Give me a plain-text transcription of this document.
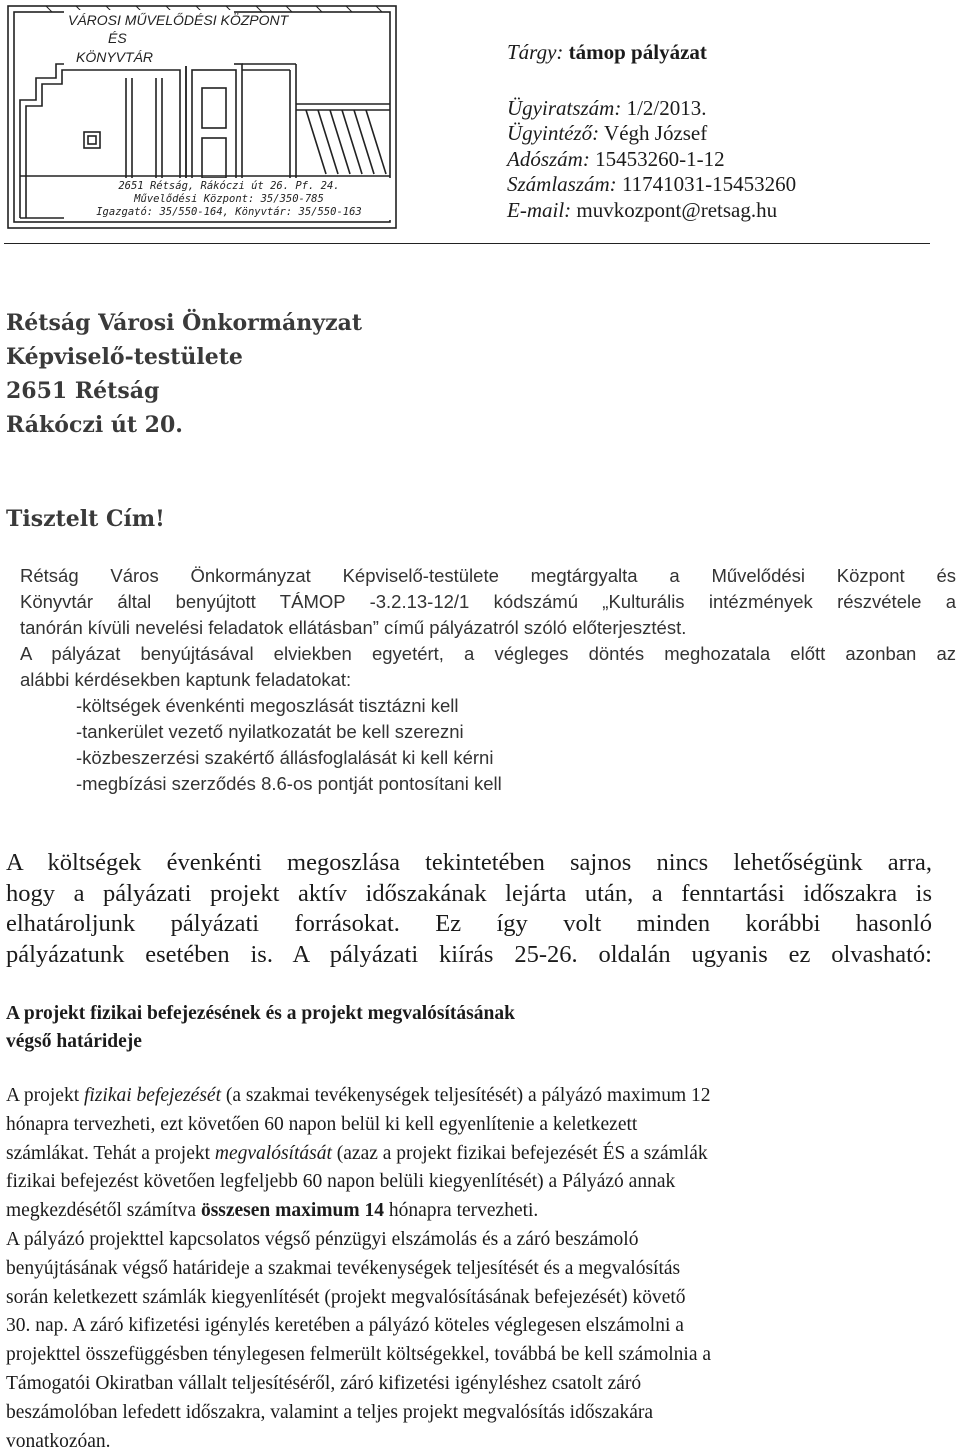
VÁROSI MŰVELŐDÉSI KÖZPONT
ÉS
KÖNYVTÁR
2651 Rétság, Rákóczi út 26. Pf. 24.
Művelődési Központ: 35/350-785
Igazgató: 35/550-164, Könyvtár: 35/550-163
Tárgy: támop pályázat
Ügyiratszám: 1/2/2013.
Ügyintéző: Végh József
Adószám: 15453260-1-12
Számlaszám: 11741031-15453260
E-mail: muvkozpont@retsag.hu
Rétság Városi Önkormányzat
Képviselő-testülete
2651 Rétság
Rákóczi út 20.
Tisztelt Cím!
Rétság Város Önkormányzat Képviselő-testülete megtárgyalta a Művelődési Központ és
Könyvtár által benyújtott TÁMOP -3.2.13-12/1 kódszámú „Kulturális intézmények részvétele a
tanórán kívüli nevelési feladatok ellátásban” című pályázatról szóló előterjesztést.
A pályázat benyújtásával elviekben egyetért, a végleges döntés meghozatala előtt azonban az
alábbi kérdésekben kaptunk feladatokat:
-költségek évenkénti megoszlását tisztázni kell
-tankerület vezető nyilatkozatát be kell szerezni
-közbeszerzési szakértő állásfoglalását ki kell kérni
-megbízási szerződés 8.6-os pontját pontosítani kell
A költségek évenkénti megoszlása tekintetében sajnos nincs lehetőségünk arra,
hogy a pályázati projekt aktív időszakának lejárta után, a fenntartási időszakra is
elhatároljunk pályázati forrásokat. Ez így volt minden korábbi hasonló
pályázatunk esetében is. A pályázati kiírás 25-26. oldalán ugyanis ez olvasható:
A projekt fizikai befejezésének és a projekt megvalósításának
végső határideje
A projekt fizikai befejezését (a szakmai tevékenységek teljesítését) a pályázó maximum 12
hónapra tervezheti, ezt követően 60 napon belül ki kell egyenlítenie a keletkezett
számlákat. Tehát a projekt megvalósítását (azaz a projekt fizikai befejezését ÉS a számlák
fizikai befejezést követően legfeljebb 60 napon belüli kiegyenlítését) a Pályázó annak
megkezdésétől számítva összesen maximum 14 hónapra tervezheti.
A pályázó projekttel kapcsolatos végső pénzügyi elszámolás és a záró beszámoló
benyújtásának végső határideje a szakmai tevékenységek teljesítését és a megvalósítás
során keletkezett számlák kiegyenlítését (projekt megvalósításának befejezését) követő
30. nap. A záró kifizetési igénylés keretében a pályázó köteles véglegesen elszámolni a
projekttel összefüggésben ténylegesen felmerült költségekkel, továbbá be kell számolnia a
Támogatói Okiratban vállalt teljesítéséről, záró kifizetési igényléshez csatolt záró
beszámolóban lefedett időszakra, valamint a teljes projekt megvalósítás időszakára
vonatkozóan.
